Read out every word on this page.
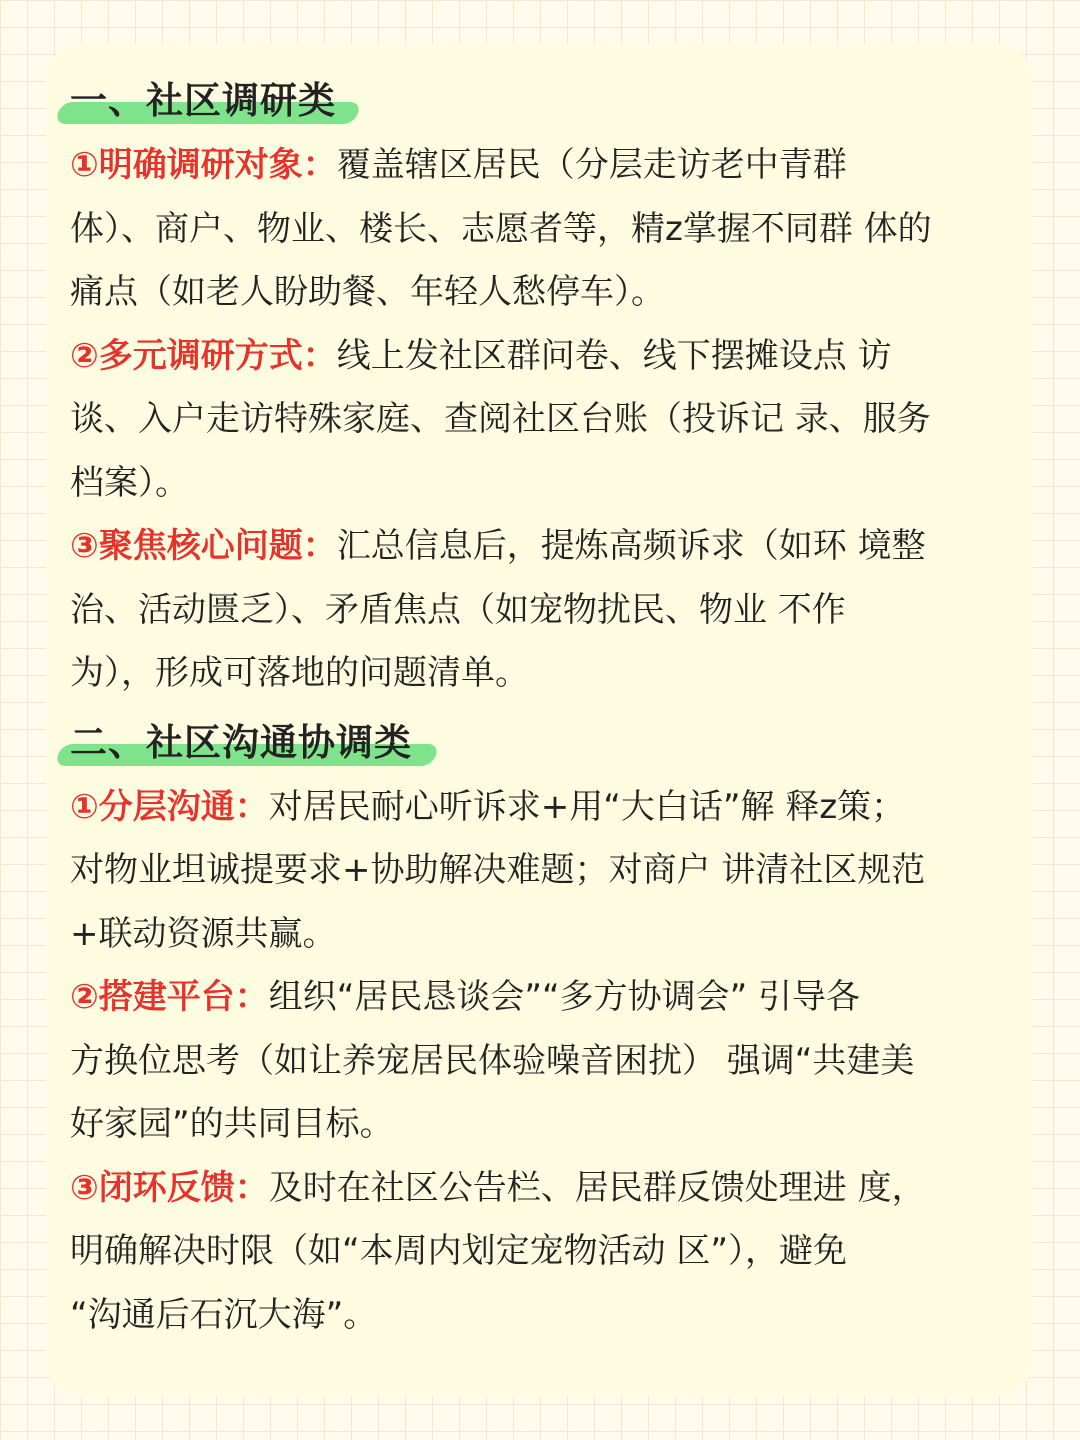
一、社区调研类

①明确调研对象：覆盖辖区居民（分层走访老中青群
体）、商户、物业、楼长、志愿者等，精z掌握不同群 体的
痛点（如老人盼助餐、年轻人愁停车）。

②多元调研方式：线上发社区群问卷、线下摆摊设点 访
谈、入户走访特殊家庭、查阅社区台账（投诉记 录、服务
档案）。

③聚焦核心问题：汇总信息后，提炼高频诉求（如环 境整
治、活动匮乏）、矛盾焦点（如宠物扰民、物业 不作
为），形成可落地的问题清单。

二、社区沟通协调类

①分层沟通：对居民耐心听诉求+用“大白话”解 释z策；
对物业坦诚提要求+协助解决难题；对商户 讲清社区规范
+联动资源共赢。

②搭建平台：组织“居民恳谈会”“多方协调会” 引导各
方换位思考（如让养宠居民体验噪音困扰） 强调“共建美
好家园”的共同目标。

③闭环反馈：及时在社区公告栏、居民群反馈处理进 度，
明确解决时限（如“本周内划定宠物活动 区”），避免
“沟通后石沉大海”。
